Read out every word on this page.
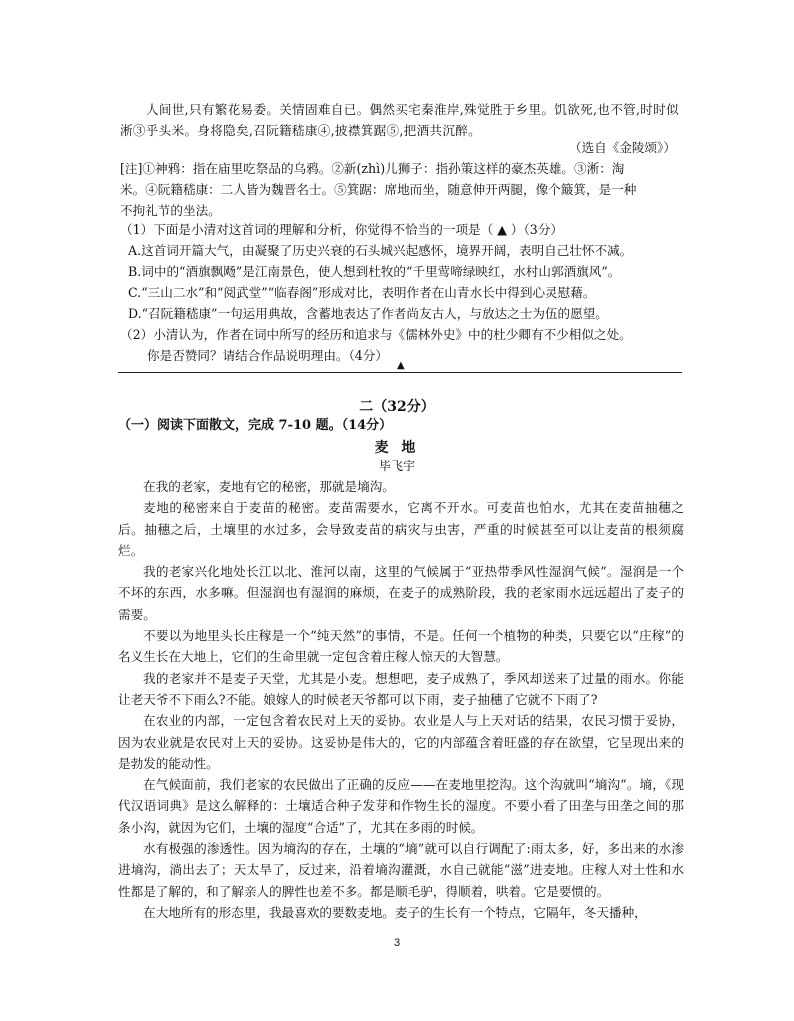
人间世,只有繁花易委。关情固难自已。偶然买宅秦淮岸,殊觉胜于乡里。饥欲死,也不管,时时似淅③乎头米。身将隐矣,召阮籍嵇康④,披襟箕踞⑤,把酒共沉醉。
（选自《金陵颂》）

[注]①神鸦：指在庙里吃祭品的乌鸦。②新(zhì)儿狮子：指孙策这样的豪杰英雄。③淅：淘

米。④阮籍嵇康：二人皆为魏晋名士。⑤箕踞：席地而坐，随意伸开两腿，像个簸箕，是一种

不拘礼节的坐法。

（1）下面是小清对这首词的理解和分析，你觉得不恰当的一项是（ ▲ ）（3分）
A.这首词开篇大气，由凝聚了历史兴衰的石头城兴起感怀，境界开阔，表明自己壮怀不减。
B.词中的“酒旗飘飏”是江南景色，使人想到杜牧的“千里莺啼绿映红，水村山郭酒旗风”。
C.“三山二水”和“阅武堂”“临春阁”形成对比，表明作者在山青水长中得到心灵慰藉。
D.“召阮籍嵇康”一句运用典故，含蓄地表达了作者尚友古人，与放达之士为伍的愿望。
（2）小清认为，作者在词中所写的经历和追求与《儒林外史》中的杜少卿有不少相似之处。
你是否赞同？请结合作品说明理由。（4分）
▲
二（32分）
（一）阅读下面散文，完成 7-10 题。（14分）
麦 地
毕飞宇

在我的老家，麦地有它的秘密，那就是墒沟。

麦地的秘密来自于麦苗的秘密。麦苗需要水，它离不开水。可麦苗也怕水，尤其在麦苗抽穗之后。抽穗之后，土壤里的水过多，会导致麦苗的病灾与虫害，严重的时候甚至可以让麦苗的根须腐烂。

我的老家兴化地处长江以北、淮河以南，这里的气候属于“亚热带季风性湿润气候”。湿润是一个不坏的东西，水多嘛。但湿润也有湿润的麻烦，在麦子的成熟阶段，我的老家雨水远远超出了麦子的需要。

不要以为地里头长庄稼是一个“纯天然”的事情，不是。任何一个植物的种类，只要它以“庄稼”的名义生长在大地上，它们的生命里就一定包含着庄稼人惊天的大智慧。

我的老家并不是麦子天堂，尤其是小麦。想想吧，麦子成熟了，季风却送来了过量的雨水。你能让老天爷不下雨么?不能。娘嫁人的时候老天爷都可以下雨，麦子抽穗了它就不下雨了?

在农业的内部，一定包含着农民对上天的妥协。农业是人与上天对话的结果，农民习惯于妥协，因为农业就是农民对上天的妥协。这妥协是伟大的，它的内部蕴含着旺盛的存在欲望，它呈现出来的是勃发的能动性。

在气候面前，我们老家的农民做出了正确的反应——在麦地里挖沟。这个沟就叫“墒沟”。墒，《现代汉语词典》是这么解释的：土壤适合种子发芽和作物生长的湿度。不要小看了田垄与田垄之间的那条小沟，就因为它们，土壤的湿度“合适”了，尤其在多雨的时候。

水有极强的渗透性。因为墒沟的存在，土壤的“墒”就可以自行调配了:雨太多，好，多出来的水渗进墒沟，淌出去了；天太旱了，反过来，沿着墒沟灌溉，水自己就能“滋”进麦地。庄稼人对土性和水性都是了解的，和了解亲人的脾性也差不多。都是顺毛驴，得顺着，哄着。它是要惯的。

在大地所有的形态里，我最喜欢的要数麦地。麦子的生长有一个特点，它隔年，冬天播种，

3
